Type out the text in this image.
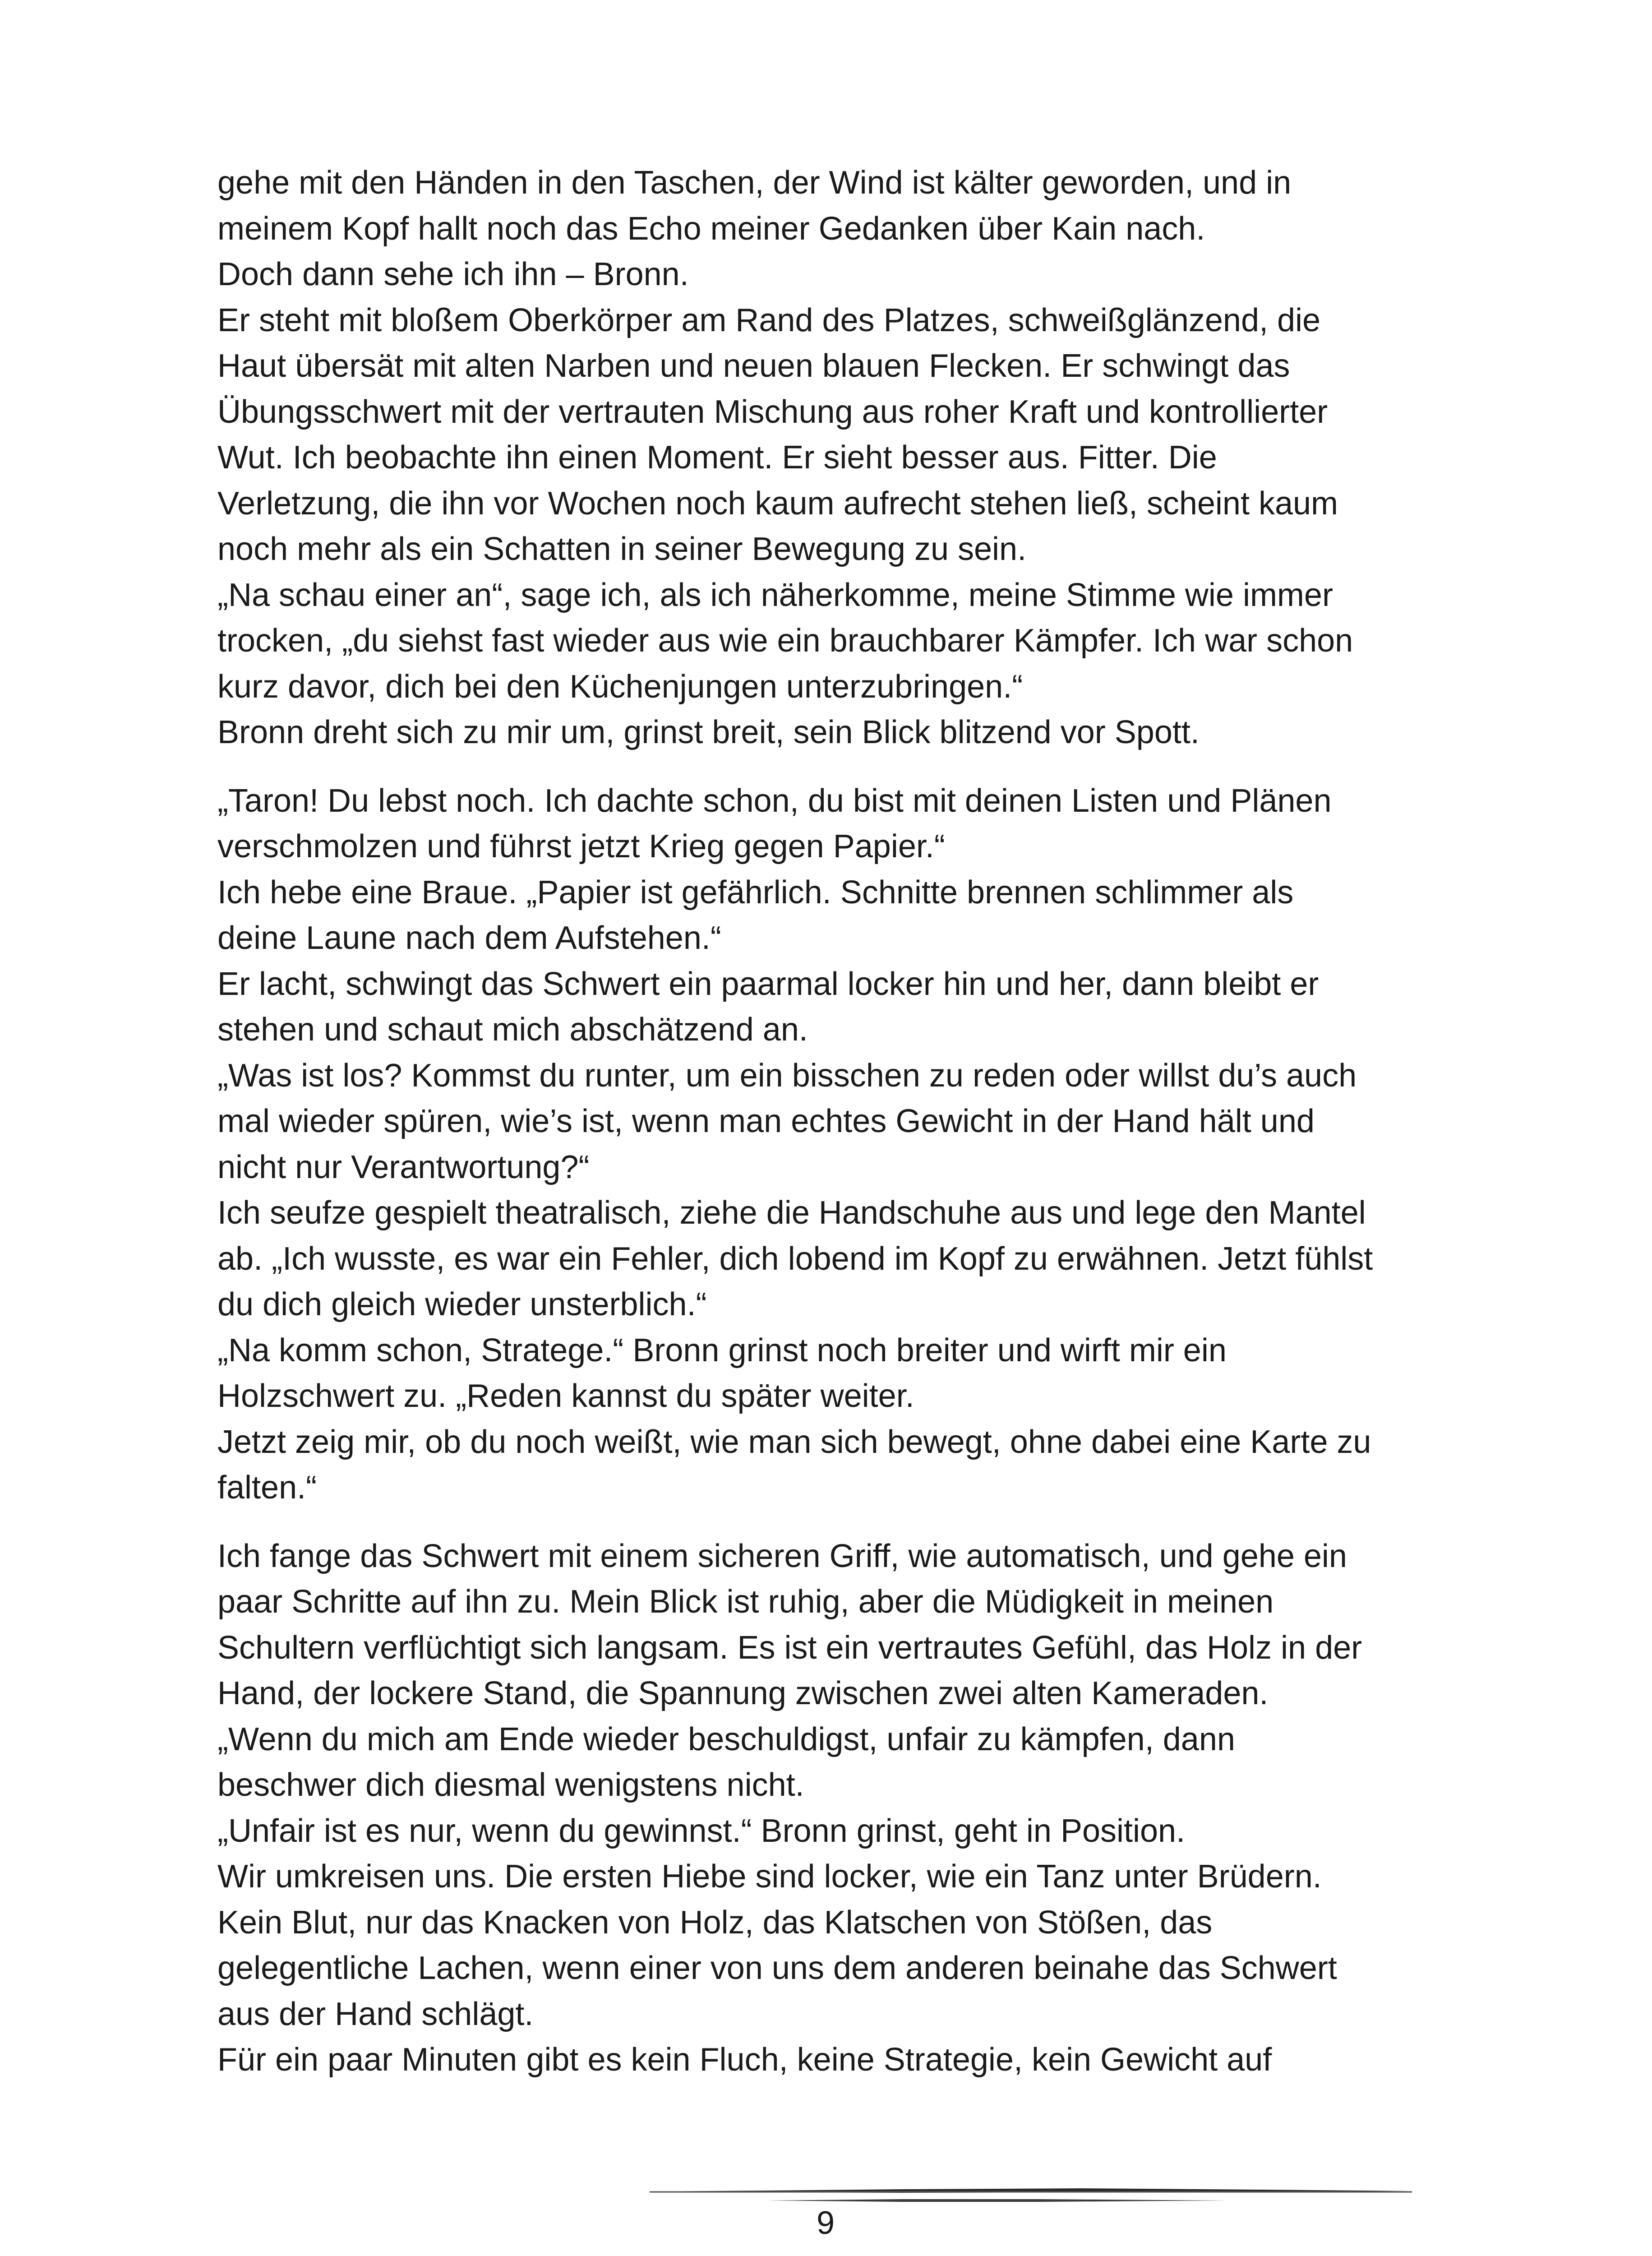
gehe mit den Händen in den Taschen, der Wind ist kälter geworden, und in
meinem Kopf hallt noch das Echo meiner Gedanken über Kain nach.
Doch dann sehe ich ihn – Bronn.
Er steht mit bloßem Oberkörper am Rand des Platzes, schweißglänzend, die
Haut übersät mit alten Narben und neuen blauen Flecken. Er schwingt das
Übungsschwert mit der vertrauten Mischung aus roher Kraft und kontrollierter
Wut. Ich beobachte ihn einen Moment. Er sieht besser aus. Fitter. Die
Verletzung, die ihn vor Wochen noch kaum aufrecht stehen ließ, scheint kaum
noch mehr als ein Schatten in seiner Bewegung zu sein.
„Na schau einer an“, sage ich, als ich näherkomme, meine Stimme wie immer
trocken, „du siehst fast wieder aus wie ein brauchbarer Kämpfer. Ich war schon
kurz davor, dich bei den Küchenjungen unterzubringen.“
Bronn dreht sich zu mir um, grinst breit, sein Blick blitzend vor Spott.
„Taron! Du lebst noch. Ich dachte schon, du bist mit deinen Listen und Plänen
verschmolzen und führst jetzt Krieg gegen Papier.“
Ich hebe eine Braue. „Papier ist gefährlich. Schnitte brennen schlimmer als
deine Laune nach dem Aufstehen.“
Er lacht, schwingt das Schwert ein paarmal locker hin und her, dann bleibt er
stehen und schaut mich abschätzend an.
„Was ist los? Kommst du runter, um ein bisschen zu reden oder willst du’s auch
mal wieder spüren, wie’s ist, wenn man echtes Gewicht in der Hand hält und
nicht nur Verantwortung?“
Ich seufze gespielt theatralisch, ziehe die Handschuhe aus und lege den Mantel
ab. „Ich wusste, es war ein Fehler, dich lobend im Kopf zu erwähnen. Jetzt fühlst
du dich gleich wieder unsterblich.“
„Na komm schon, Stratege.“ Bronn grinst noch breiter und wirft mir ein
Holzschwert zu. „Reden kannst du später weiter.
Jetzt zeig mir, ob du noch weißt, wie man sich bewegt, ohne dabei eine Karte zu
falten.“
Ich fange das Schwert mit einem sicheren Griff, wie automatisch, und gehe ein
paar Schritte auf ihn zu. Mein Blick ist ruhig, aber die Müdigkeit in meinen
Schultern verflüchtigt sich langsam. Es ist ein vertrautes Gefühl, das Holz in der
Hand, der lockere Stand, die Spannung zwischen zwei alten Kameraden.
„Wenn du mich am Ende wieder beschuldigst, unfair zu kämpfen, dann
beschwer dich diesmal wenigstens nicht.
„Unfair ist es nur, wenn du gewinnst.“ Bronn grinst, geht in Position.
Wir umkreisen uns. Die ersten Hiebe sind locker, wie ein Tanz unter Brüdern.
Kein Blut, nur das Knacken von Holz, das Klatschen von Stößen, das
gelegentliche Lachen, wenn einer von uns dem anderen beinahe das Schwert
aus der Hand schlägt.
Für ein paar Minuten gibt es kein Fluch, keine Strategie, kein Gewicht auf
9
